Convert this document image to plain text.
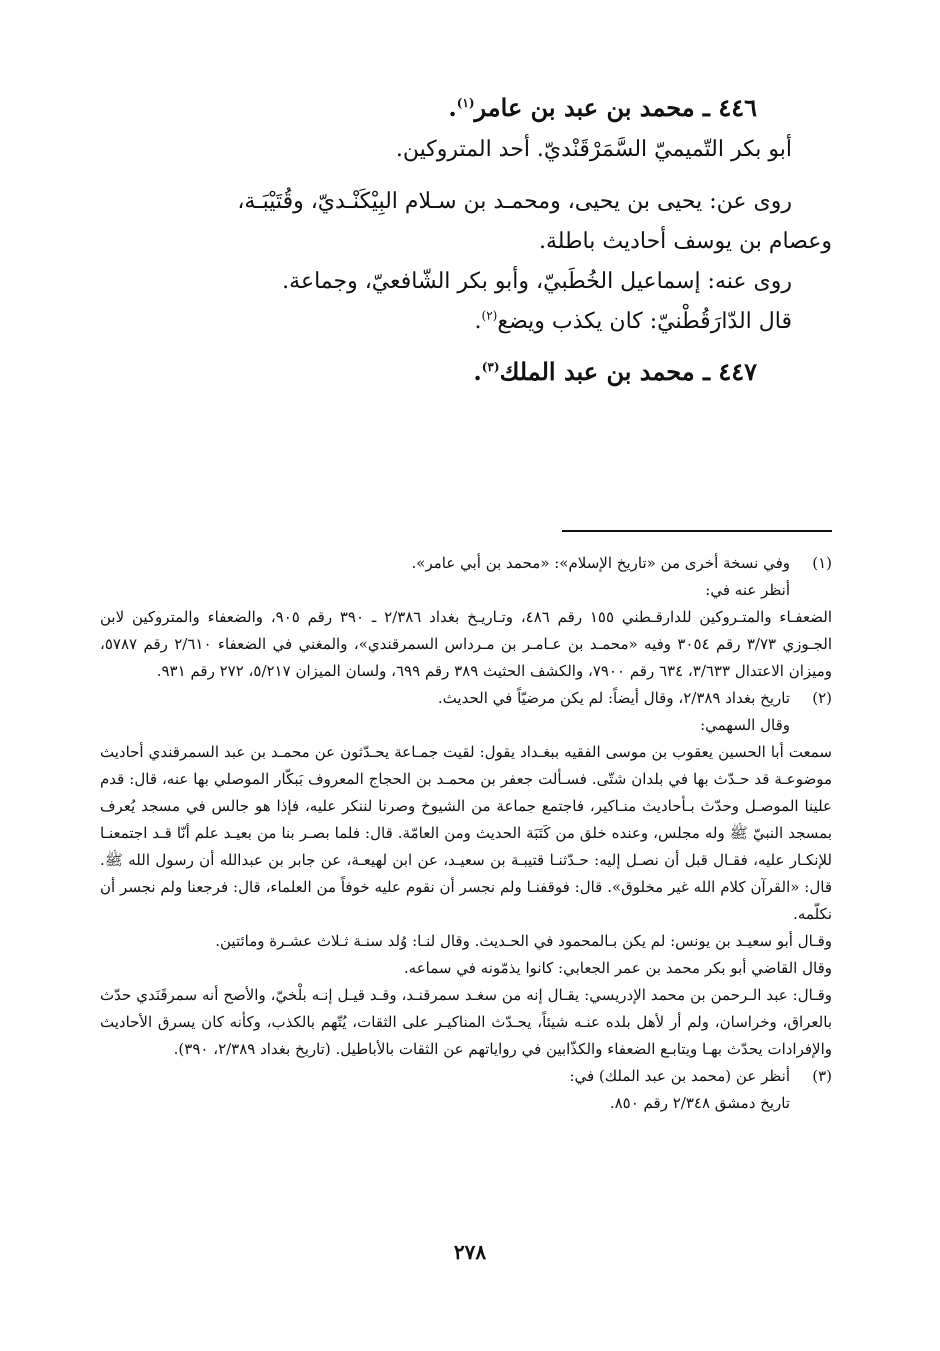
٤٤٦ ـ محمد بن عبد بن عامر$^{(١)}$.

أبو بكر التّميميّ السَّمَرْقَنْديّ. أحد المتروكين.

روى عن: يحيى بن يحيى، ومحمـد بن سـلام البِيْكَنْـديّ، وقُتَيْبَـة،

وعصام بن يوسف أحاديث باطلة.

روى عنه: إسماعيل الخُطَبيّ، وأبو بكر الشّافعيّ، وجماعة.

قال الدّارَقُطْنيّ: كان يكذب ويضع$^{(٢)}$.

٤٤٧ ـ محمد بن عبد الملك$^{(٣)}$.

(١)

وفي نسخة أخرى من «تاريخ الإسلام»: «محمد بن أبي عامر».

أنظر عنه في:

الضعفـاء والمتـروكين للدارقـطني ١٥٥ رقم ٤٨٦، وتـاريـخ بغداد ٢/٣٨٦ ـ ٣٩٠ رقم ٩٠٥، والضعفاء والمتروكين لابن الجـوزي ٣/٧٣ رقم ٣٠٥٤ وفيه «محمـد بن عـامـر بن مـرداس السمرقندي»، والمغني في الضعفاء ٢/٦١٠ رقم ٥٧٨٧، وميزان الاعتدال ٣/٦٣٣، ٦٣٤ رقم ٧٩٠٠، والكشف الحثيث ٣٨٩ رقم ٦٩٩، ولسان الميزان ٥/٢١٧، ٢٧٢ رقم ٩٣١.

(٢)

تاريخ بغداد ٢/٣٨٩، وقال أيضاً: لم يكن مرضيّاً في الحديث.

وقال السهمي:

سمعت أبا الحسين يعقوب بن موسى الفقيه ببغـداد يقول: لقيت جمـاعة يحـدّثون عن محمـد بن عبد السمرقندي أحاديث موضوعـة قد حـدّث بها في بلدان شتّى. فسـألت جعفر بن محمـد بن الحجاج المعروف بَبكّار الموصلي بها عنه، قال: قدم علينا الموصـل وحدّث بـأحاديث منـاكير، فاجتمع جماعة من الشيوخ وصرنا لننكر عليه، فإذا هو جالس في مسجد يُعرف بمسجد النبيّ ﷺ وله مجلس، وعنده خلق من كَتَبَة الحديث ومن العامّة. قال: فلما بصـر بنا من بعيـد علم أنّا قـد اجتمعنـا للإنكـار عليه، فقـال قبل أن نصـل إليه: حـدّثنـا قتيبـة بن سعيـد، عن ابن لهيعـة، عن جابر بن عبدالله أن رسول الله ﷺ. قال: «القرآن كلام الله غير مخلوق». قال: فوقفنـا ولم نجسر أن نقوم عليه خوفاً من العلماء، قال: فرجعنا ولم نجسر أن نكلّمه.

وقـال أبو سعيـد بن يونس: لم يكن بـالمحمود في الحـديث. وقال لنـا: وُلد سنـة ثـلاث عشـرة ومائتين.

وقال القاضي أبو بكر محمد بن عمر الجعابي: كانوا يذمّونه في سماعه.

وقـال: عبد الـرحمن بن محمد الإدريسي: يقـال إنه من سغـد سمرقنـد، وقـد قيـل إنـه بلْخيّ، والأصح أنه سمرقَنَدي حدّث بالعراق، وخراسان، ولم أر لأهل بلده عنـه شيئاً، يحـدّث المناكيـر على الثقات، يُتّهم بالكذب، وكأنه كان يسرق الأحاديث والإفرادات يحدّث بهـا ويتابـع الضعفاء والكذّابين في رواياتهم عن الثقات بالأباطيل. (تاريخ بغداد ٢/٣٨٩، ٣٩٠).

(٣)

أنظر عن (محمد بن عبد الملك) في:

تاريخ دمشق ٢/٣٤٨ رقم ٨٥٠.

٢٧٨
